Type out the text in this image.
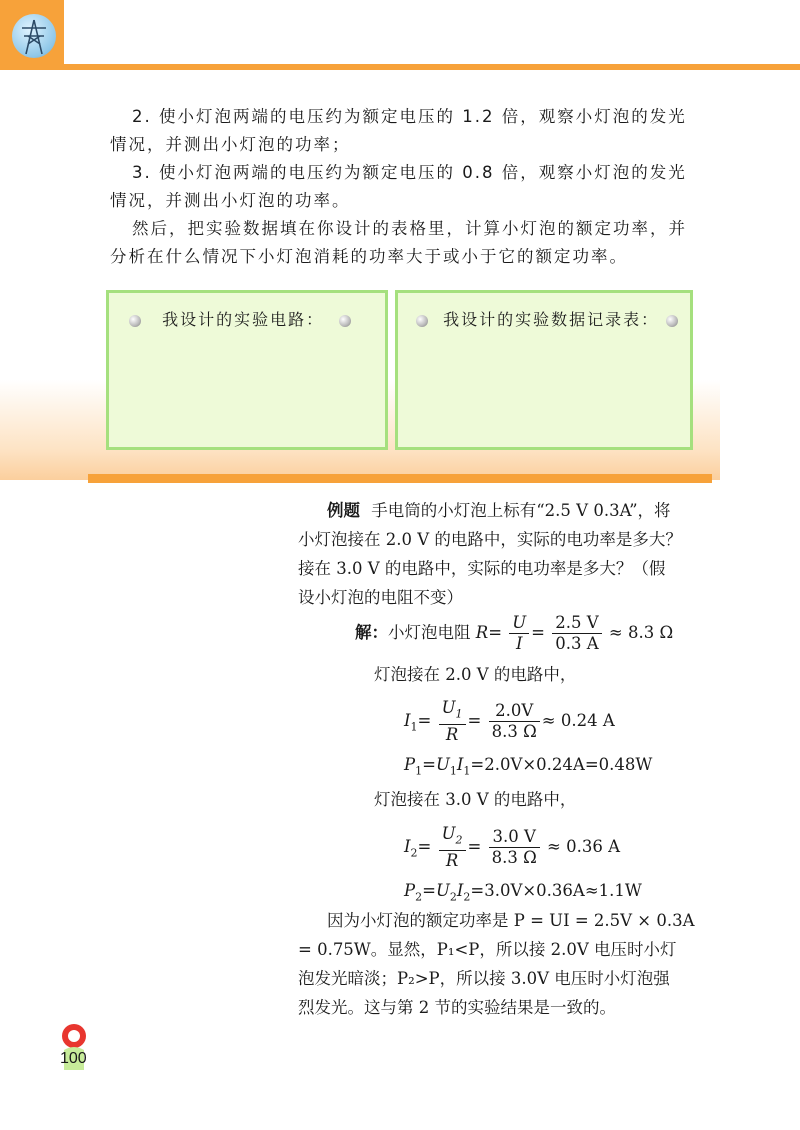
2. 使小灯泡两端的电压约为额定电压的 1.2 倍，观察小灯泡的发光
情况，并测出小灯泡的功率；
3. 使小灯泡两端的电压约为额定电压的 0.8 倍，观察小灯泡的发光
情况，并测出小灯泡的功率。
然后，把实验数据填在你设计的表格里，计算小灯泡的额定功率，并
分析在什么情况下小灯泡消耗的功率大于或小于它的额定功率。
我设计的实验电路：	我设计的实验数据记录表：
例题 手电筒的小灯泡上标有“2.5 V 0.3A”，将
小灯泡接在 2.0 V 的电路中，实际的电功率是多大？
接在 3.0 V 的电路中，实际的电功率是多大？（假
设小灯泡的电阻不变）
解：小灯泡电阻 $R= \frac{U}{I} = \frac{2.5 V}{0.3 A} \approx 8.3$ Ω
灯泡接在 2.0 V 的电路中，
$I_1= \frac{U_1}{R} = \frac{2.0V}{8.3 \Omega} \approx 0.24$ A
$P_1=U_1I_1=2.0V\times 0.24A=0.48W$
灯泡接在 3.0 V 的电路中，
$I_2= \frac{U_2}{R} = \frac{3.0 V}{8.3 \Omega} \approx 0.36$ A
$P_2=U_2I_2=3.0V\times 0.36A\approx 1.1W$
因为小灯泡的额定功率是 P = UI = 2.5V × 0.3A
= 0.75W。显然，P₁<P，所以接 2.0V 电压时小灯
泡发光暗淡；P₂>P，所以接 3.0V 电压时小灯泡强
烈发光。这与第 2 节的实验结果是一致的。
100
